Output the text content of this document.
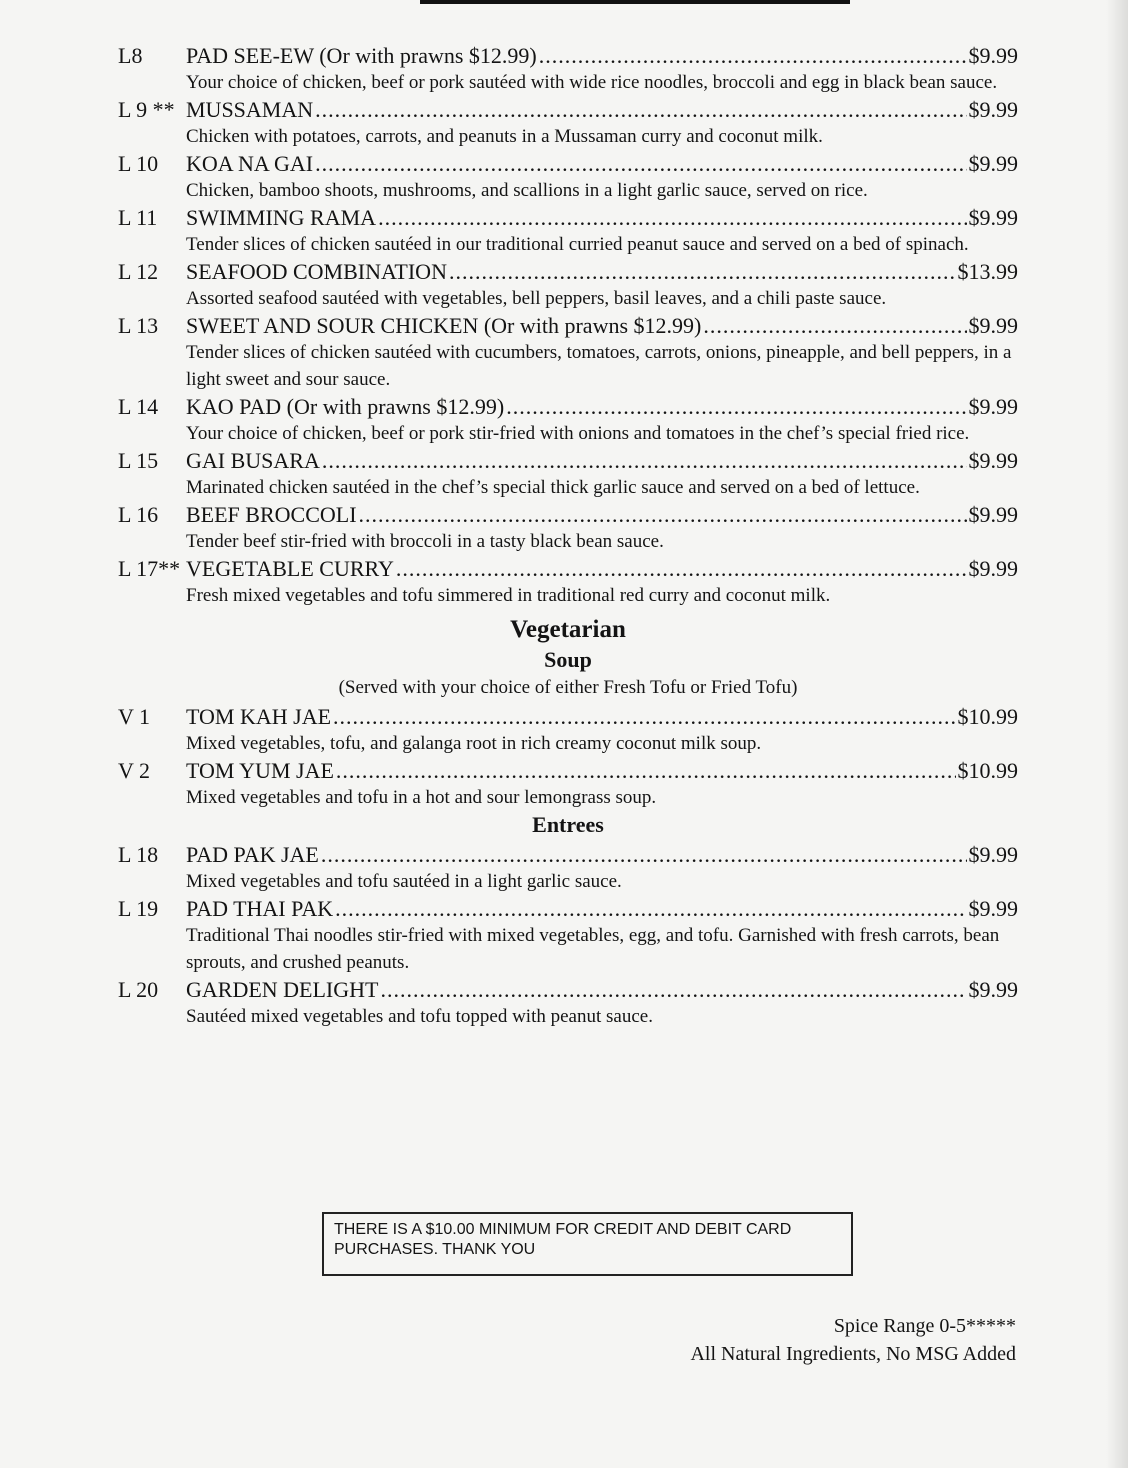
L8	PAD SEE-EW (Or with prawns $12.99) .....	$9.99

Your choice of chicken, beef or pork sautéed with wide rice noodles, broccoli and egg in black bean sauce.

L 9 ** MUSSAMAN .....	$9.99

Chicken with potatoes, carrots, and peanuts in a Mussaman curry and coconut milk.

L 10	KOA NA GAI .....	$9.99

Chicken, bamboo shoots, mushrooms, and scallions in a light garlic sauce, served on rice.

L 11	SWIMMING RAMA .....	$9.99

Tender slices of chicken sautéed in our traditional curried peanut sauce and served on a bed of spinach.

L 12	SEAFOOD COMBINATION .....	$13.99

Assorted seafood sautéed with vegetables, bell peppers, basil leaves, and a chili paste sauce.

L 13	SWEET AND SOUR CHICKEN (Or with prawns $12.99) .....	$9.99

Tender slices of chicken sautéed with cucumbers, tomatoes, carrots, onions, pineapple, and bell peppers, in a light sweet and sour sauce.

L 14	KAO PAD (Or with prawns $12.99) .....	$9.99

Your choice of chicken, beef or pork stir-fried with onions and tomatoes in the chef’s special fried rice.

L 15	GAI BUSARA .....	$9.99

Marinated chicken sautéed in the chef’s special thick garlic sauce and served on a bed of lettuce.

L 16	BEEF BROCCOLI .....	$9.99

Tender beef stir-fried with broccoli in a tasty black bean sauce.

L 17** VEGETABLE CURRY .....	$9.99

Fresh mixed vegetables and tofu simmered in traditional red curry and coconut milk.

Vegetarian
Soup

(Served with your choice of either Fresh Tofu or Fried Tofu)

V 1	TOM KAH JAE .....	$10.99

Mixed vegetables, tofu, and galanga root in rich creamy coconut milk soup.

V 2	TOM YUM JAE .....	$10.99

Mixed vegetables and tofu in a hot and sour lemongrass soup.

Entrees
L 18	PAD PAK JAE .....	$9.99

Mixed vegetables and tofu sautéed in a light garlic sauce.

L 19	PAD THAI PAK .....	$9.99

Traditional Thai noodles stir-fried with mixed vegetables, egg, and tofu. Garnished with fresh carrots, bean sprouts, and crushed peanuts.

L 20	GARDEN DELIGHT .....	$9.99

Sautéed mixed vegetables and tofu topped with peanut sauce.

THERE IS A $10.00 MINIMUM FOR CREDIT AND DEBIT CARD PURCHASES. THANK YOU
Spice Range 0-5*****
All Natural Ingredients, No MSG Added
